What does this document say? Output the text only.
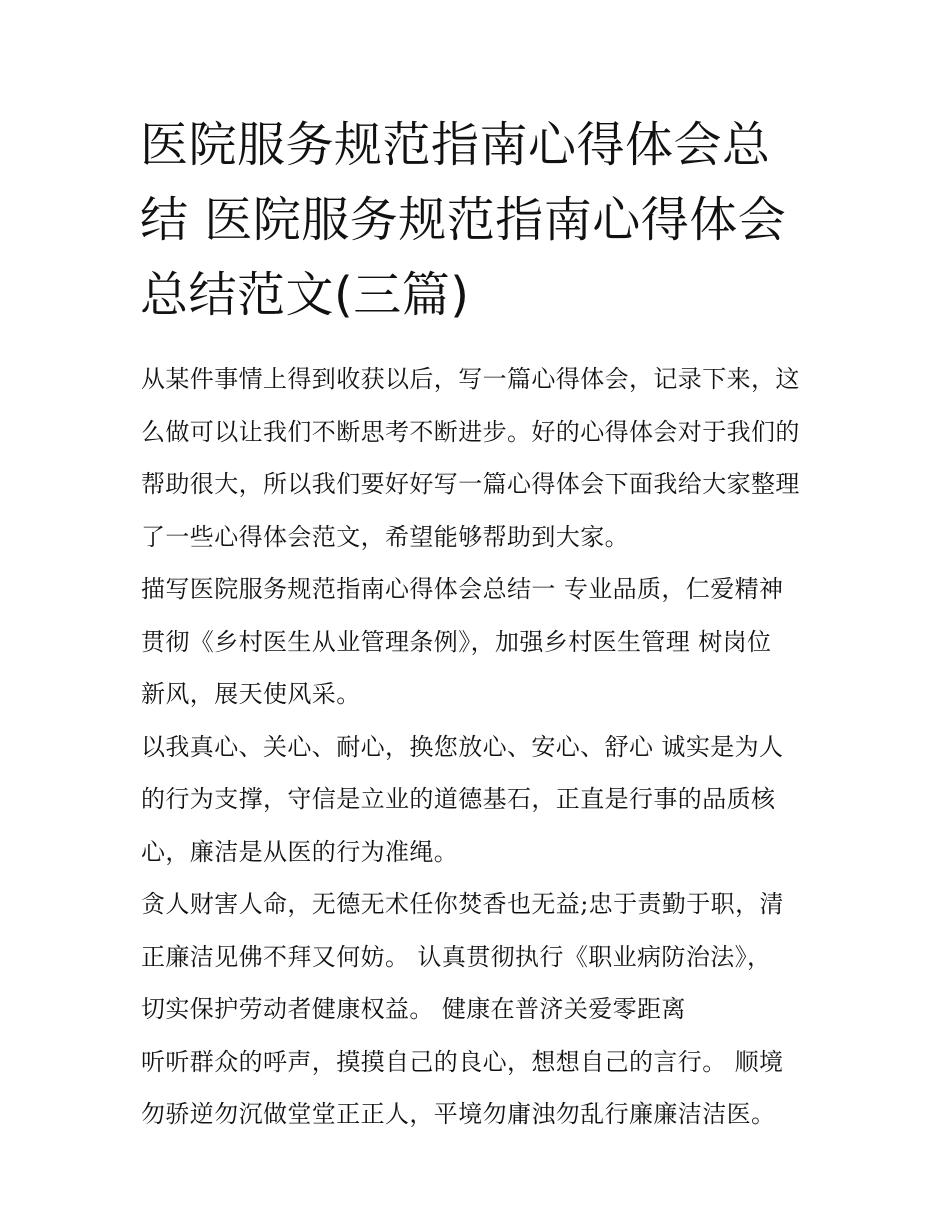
医院服务规范指南心得体会总
结 医院服务规范指南心得体会
总结范文(三篇)

从某件事情上得到收获以后，写一篇心得体会，记录下来，这
么做可以让我们不断思考不断进步。好的心得体会对于我们的
帮助很大，所以我们要好好写一篇心得体会下面我给大家整理
了一些心得体会范文，希望能够帮助到大家。

描写医院服务规范指南心得体会总结一 专业品质，仁爱精神
贯彻《乡村医生从业管理条例》，加强乡村医生管理 树岗位
新风，展天使风采。

以我真心、关心、耐心，换您放心、安心、舒心 诚实是为人
的行为支撑，守信是立业的道德基石，正直是行事的品质核
心，廉洁是从医的行为准绳。

贪人财害人命，无德无术任你焚香也无益;忠于责勤于职，清
正廉洁见佛不拜又何妨。 认真贯彻执行《职业病防治法》，
切实保护劳动者健康权益。 健康在普济关爱零距离

听听群众的呼声，摸摸自己的良心，想想自己的言行。 顺境
勿骄逆勿沉做堂堂正正人，平境勿庸浊勿乱行廉廉洁洁医。
